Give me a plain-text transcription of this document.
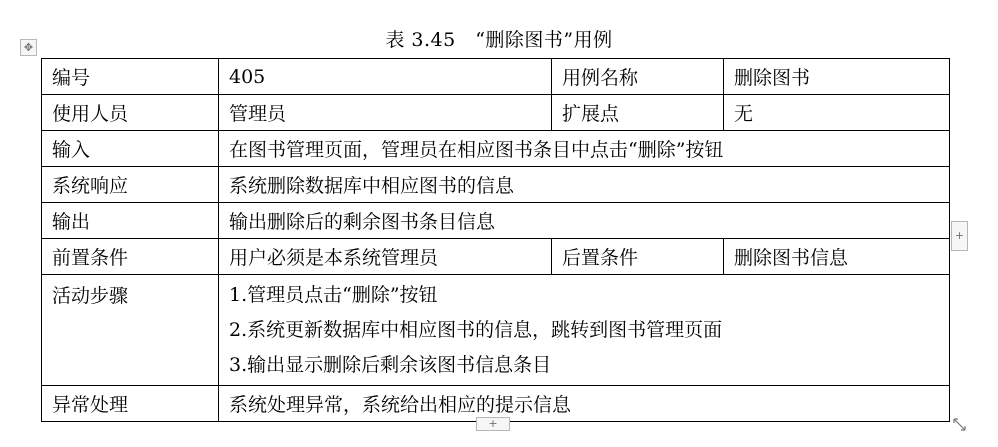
表 3.45　“删除图书”用例
✥
编号	405	用例名称	删除图书
使用人员	管理员	扩展点	无
输入	在图书管理页面，管理员在相应图书条目中点击“删除”按钮		
系统响应	系统删除数据库中相应图书的信息		
输出	输出删除后的剩余图书条目信息		
前置条件	用户必须是本系统管理员	后置条件	删除图书信息

活动步骤	1.管理员点击“删除”按钮
2.系统更新数据库中相应图书的信息，跳转到图书管理页面
3.输出显示删除后剩余该图书信息条目		

异常处理	系统处理异常，系统给出相应的提示信息		
+
+
